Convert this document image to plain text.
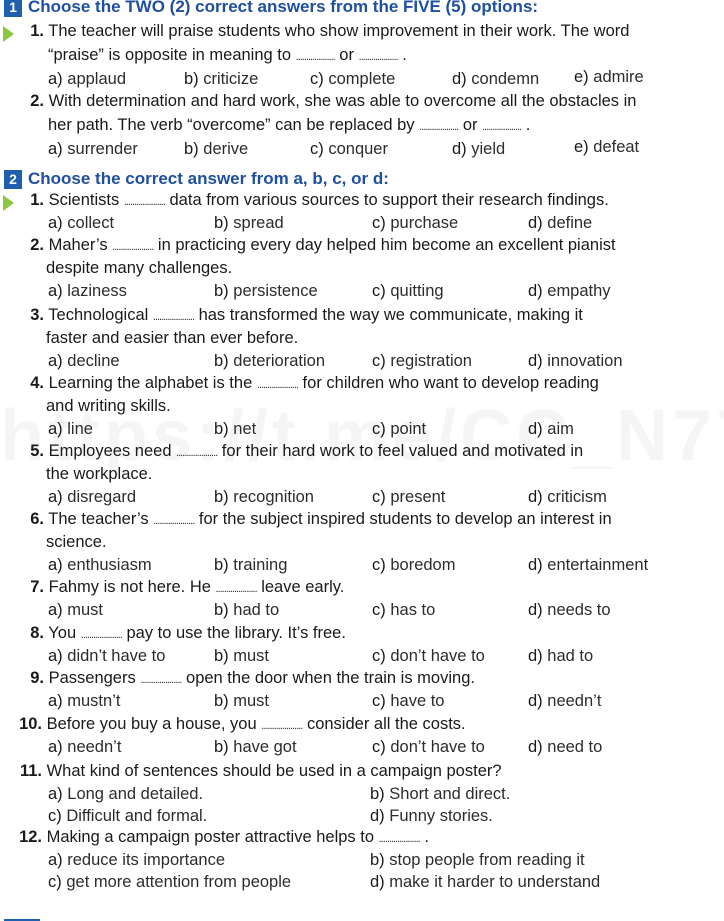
1 Choose the TWO (2) correct answers from the FIVE (5) options:
1. The teacher will praise students who show improvement in their work. The word
“praise” is opposite in meaning to ................... or ................... .
a) applaud	b) criticize	c) complete	d) condemn e) admire
2. With determination and hard work, she was able to overcome all the obstacles in
her path. The verb “overcome” can be replaced by ................... or ................... .
a) surrender	b) derive	c) conquer	d) yield	e) defeat
2 Choose the correct answer from a, b, c, or d:
1. Scientists .................... data from various sources to support their research findings.
a) collect	b) spread	c) purchase	d) define
2. Maher’s .................... in practicing every day helped him become an excellent pianist
despite many challenges.
a) laziness	b) persistence	c) quitting	d) empathy
3. Technological .................... has transformed the way we communicate, making it
faster and easier than ever before.
a) decline	b) deterioration	c) registration	d) innovation
4. Learning the alphabet is the .................... for children who want to develop reading
and writing skills.
a) line	b) net	c) point	d) aim
5. Employees need .................... for their hard work to feel valued and motivated in
the workplace.
a) disregard	b) recognition	c) present	d) criticism
6. The teacher’s .................... for the subject inspired students to develop an interest in
science.
a) enthusiasm	b) training	c) boredom	d) entertainment
7. Fahmy is not here. He .................... leave early.
a) must	b) had to	c) has to	d) needs to
8. You .................... pay to use the library. It’s free.
a) didn’t have to	b) must	c) don’t have to	d) had to
9. Passengers .................... open the door when the train is moving.
a) mustn’t	b) must	c) have to	d) needn’t
10. Before you buy a house, you .................... consider all the costs.
a) needn’t	b) have got	c) don’t have to	d) need to
11. What kind of sentences should be used in a campaign poster?
a) Long and detailed.	b) Short and direct.
c) Difficult and formal.	d) Funny stories.
12. Making a campaign poster attractive helps to .................... .
a) reduce its importance	b) stop people from reading it
c) get more attention from people	d) make it harder to understand
